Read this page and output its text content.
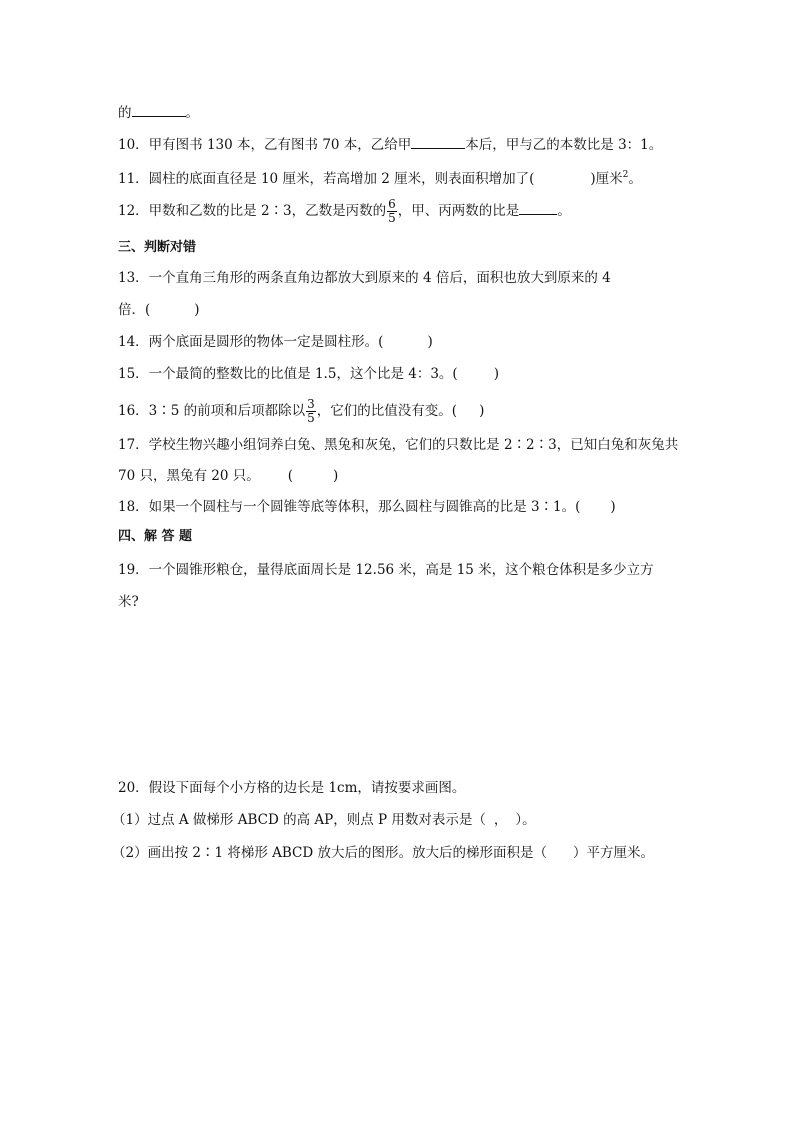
的	。
10．甲有图书 130 本，乙有图书 70 本，乙给甲	本后，甲与乙的本数比是 3：1。
11．圆柱的底面直径是 10 厘米，若高增加 2 厘米，则表面积增加了(	)厘米$^2$。
12．甲数和乙数的比是 2∶3，乙数是丙数的 $\frac{6}{5}$ ，甲、丙两数的比是	。
三、判断对错
13．一个直角三角形的两条直角边都放大到原来的 4 倍后，面积也放大到原来的 4
倍．(	)
14．两个底面是圆形的物体一定是圆柱形。(	)
15．一个最简的整数比的比值是 1.5，这个比是 4：3。(	)
16．3∶5 的前项和后项都除以 $\frac{3}{5}$ ，它们的比值没有变。( )
17．学校生物兴趣小组饲养白兔、黑兔和灰兔，它们的只数比是 2∶2∶3，已知白兔和灰兔共
70 只，黑兔有 20 只。 (	)
18．如果一个圆柱与一个圆锥等底等体积，那么圆柱与圆锥高的比是 3∶1。( )
四、解 答 题
19．一个圆锥形粮仓，量得底面周长是 12.56 米，高是 15 米，这个粮仓体积是多少立方
米?
20．假设下面每个小方格的边长是 1cm，请按要求画图。
（1）过点 A 做梯形 ABCD 的高 AP，则点 P 用数对表示是（ ， ）。
（2）画出按 2∶1 将梯形 ABCD 放大后的图形。放大后的梯形面积是（ ）平方厘米。
